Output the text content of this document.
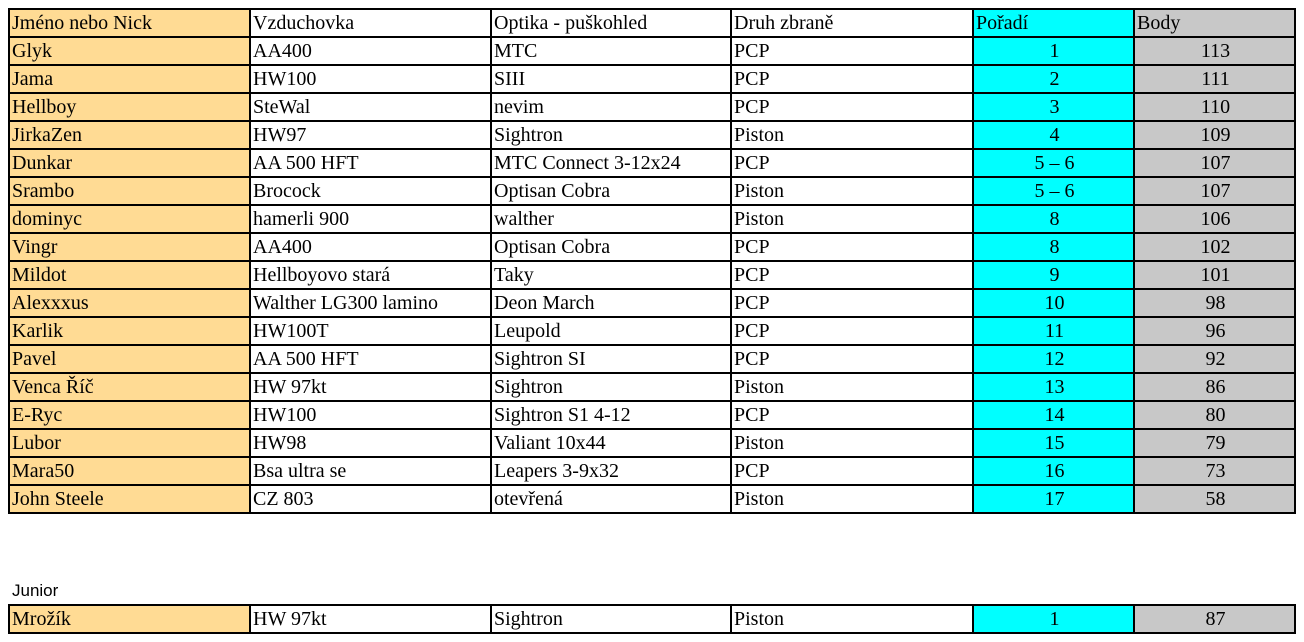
Jméno nebo Nick	Vzduchovka	Optika - puškohled	Druh zbraně	Pořadí	Body
Glyk	AA400	MTC	PCP	1	113
Jama	HW100	SIII	PCP	2	111
Hellboy	SteWal	nevim	PCP	3	110
JirkaZen	HW97	Sightron	Piston	4	109
Dunkar	AA 500 HFT	MTC Connect 3-12x24	PCP	5 – 6	107
Srambo	Brocock	Optisan Cobra	Piston	5 – 6	107
dominyc	hamerli 900	walther	Piston	8	106
Vingr	AA400	Optisan Cobra	PCP	8	102
Mildot	Hellboyovo stará	Taky	PCP	9	101
Alexxxus	Walther LG300 lamino	Deon March	PCP	10	98
Karlik	HW100T	Leupold	PCP	11	96
Pavel	AA 500 HFT	Sightron SI	PCP	12	92
Venca Říč	HW 97kt	Sightron	Piston	13	86
E-Ryc	HW100	Sightron S1 4-12	PCP	14	80
Lubor	HW98	Valiant 10x44	Piston	15	79
Mara50	Bsa ultra se	Leapers 3-9x32	PCP	16	73
John Steele	CZ 803	otevřená	Piston	17	58
Junior
Mrožík	HW 97kt	Sightron	Piston	1	87
